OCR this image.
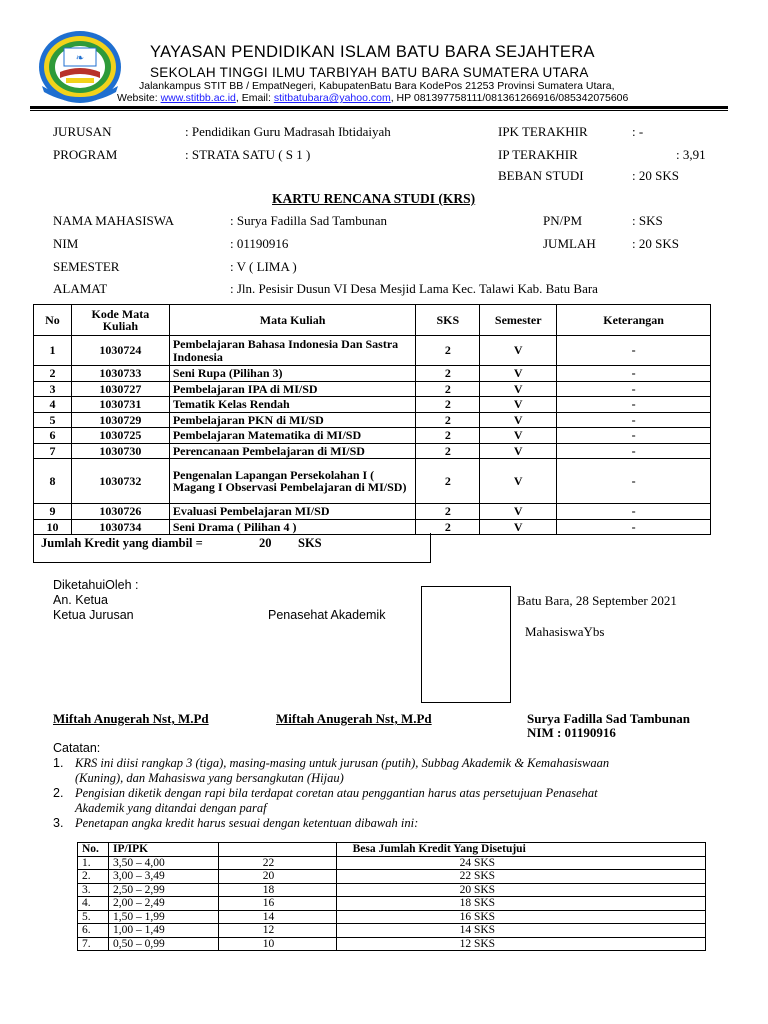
❧	YAYASAN PENDIDIKAN ISLAM BATU BARA SEJAHTERA
SEKOLAH TINGGI ILMU TARBIYAH BATU BARA SUMATERA UTARA
Jalankampus STIT BB / EmpatNegeri, KabupatenBatu Bara KodePos 21253 Provinsi Sumatera Utara,
Website: www.stitbb.ac.id, Email: stitbatubara@yahoo.com, HP 081397758111/081361266916/085342075606
JURUSAN	: Pendidikan Guru Madrasah Ibtidaiyah	IPK TERAKHIR	: -
PROGRAM	: STRATA SATU ( S 1 )	IP TERAKHIR	: 3,91
BEBAN STUDI	: 20 SKS
KARTU RENCANA STUDI (KRS)
NAMA MAHASISWA	: Surya Fadilla Sad Tambunan	PN/PM	: SKS
NIM	: 01190916	JUMLAH	: 20 SKS
SEMESTER	: V ( LIMA )
ALAMAT	: Jln. Pesisir Dusun VI Desa Mesjid Lama Kec. Talawi Kab. Batu Bara
No	Kode Mata Kuliah	Mata Kuliah	SKS	Semester	Keterangan
1	1030724	Pembelajaran Bahasa Indonesia Dan Sastra Indonesia	2	V	-
2	1030733	Seni Rupa (Pilihan 3)	2	V	-
3	1030727	Pembelajaran IPA di MI/SD	2	V	-
4	1030731	Tematik Kelas Rendah	2	V	-
5	1030729	Pembelajaran PKN di MI/SD	2	V	-
6	1030725	Pembelajaran Matematika di MI/SD	2	V	-
7	1030730	Perencanaan Pembelajaran di MI/SD	2	V	-
8	1030732	Pengenalan Lapangan Persekolahan I ( Magang I Observasi Pembelajaran di MI/SD)	2	V	-
9	1030726	Evaluasi Pembelajaran MI/SD	2	V	-
10	1030734	Seni Drama ( Pilihan 4 )	2	V	-
Jumlah Kredit yang diambil =	20 SKS
DiketahuiOleh :
An. Ketua
Ketua Jurusan	Penasehat Akademik
Batu Bara, 28 September 2021
MahasiswaYbs
Miftah Anugerah Nst, M.Pd	Miftah Anugerah Nst, M.Pd	Surya Fadilla Sad Tambunan
NIM : 01190916
Catatan:
1. KRS ini diisi rangkap 3 (tiga), masing-masing untuk jurusan (putih), Subbag Akademik & Kemahasiswaan
(Kuning), dan Mahasiswa yang bersangkutan (Hijau)
2. Pengisian diketik dengan rapi bila terdapat coretan atau penggantian harus atas persetujuan Penasehat
Akademik yang ditandai dengan paraf
3. Penetapan angka kredit harus sesuai dengan ketentuan dibawah ini:
No.	IP/IPK		Besa Jumlah Kredit Yang Disetujui
1.	3,50 – 4,00	22	24 SKS
2.	3,00 – 3,49	20	22 SKS
3.	2,50 – 2,99	18	20 SKS
4.	2,00 – 2,49	16	18 SKS
5.	1,50 – 1,99	14	16 SKS
6.	1,00 – 1,49	12	14 SKS
7.	0,50 – 0,99	10	12 SKS
